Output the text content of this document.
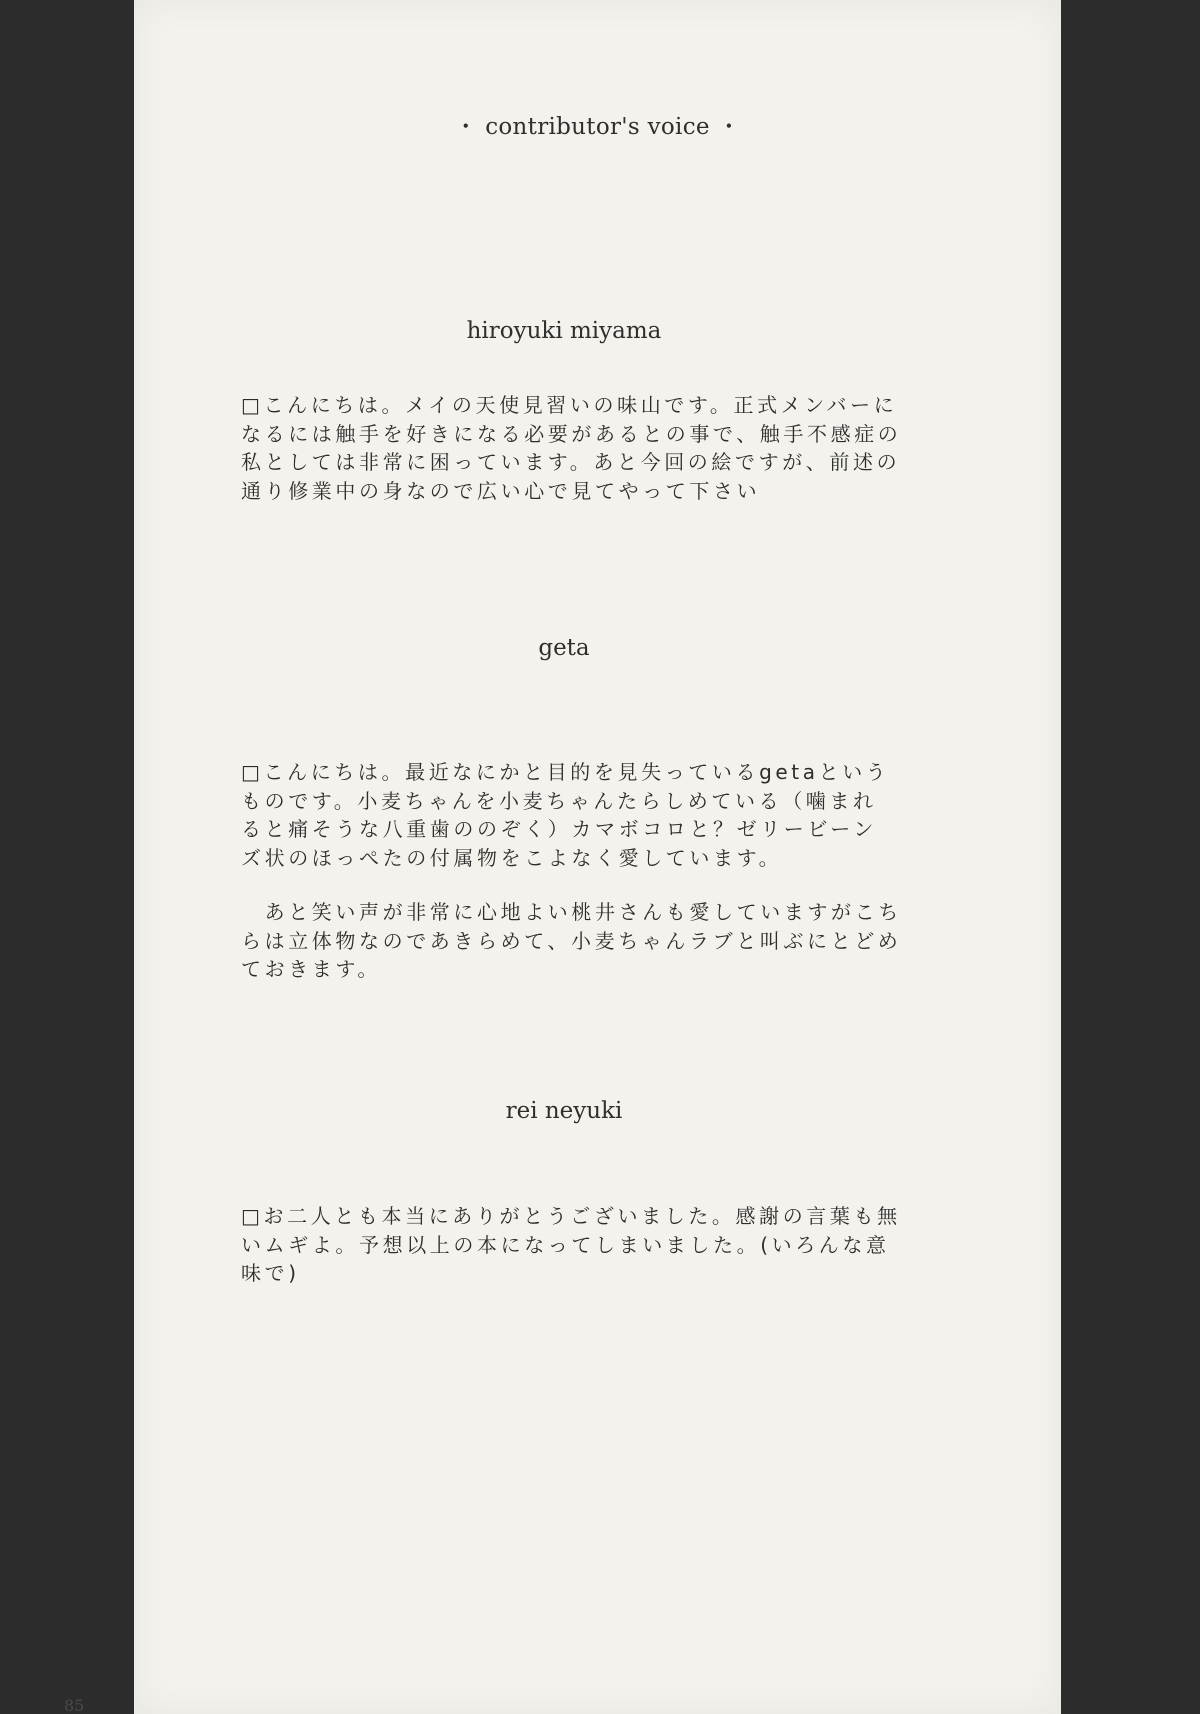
・ contributor's voice ・
hiroyuki miyama

□こんにちは。メイの天使見習いの味山です。正式メンバーに
なるには触手を好きになる必要があるとの事で、触手不感症の
私としては非常に困っています。あと今回の絵ですが、前述の
通り修業中の身なので広い心で見てやって下さい

geta

□こんにちは。最近なにかと目的を見失っているgetaという
ものです。小麦ちゃんを小麦ちゃんたらしめている（噛まれ
ると痛そうな八重歯ののぞく）カマボコロと？ゼリービーン
ズ状のほっぺたの付属物をこよなく愛しています。

　あと笑い声が非常に心地よい桃井さんも愛していますがこち
らは立体物なのであきらめて、小麦ちゃんラブと叫ぶにとどめ
ておきます。

rei neyuki

□お二人とも本当にありがとうございました。感謝の言葉も無
いムギよ。予想以上の本になってしまいました。(いろんな意
味で)

85
